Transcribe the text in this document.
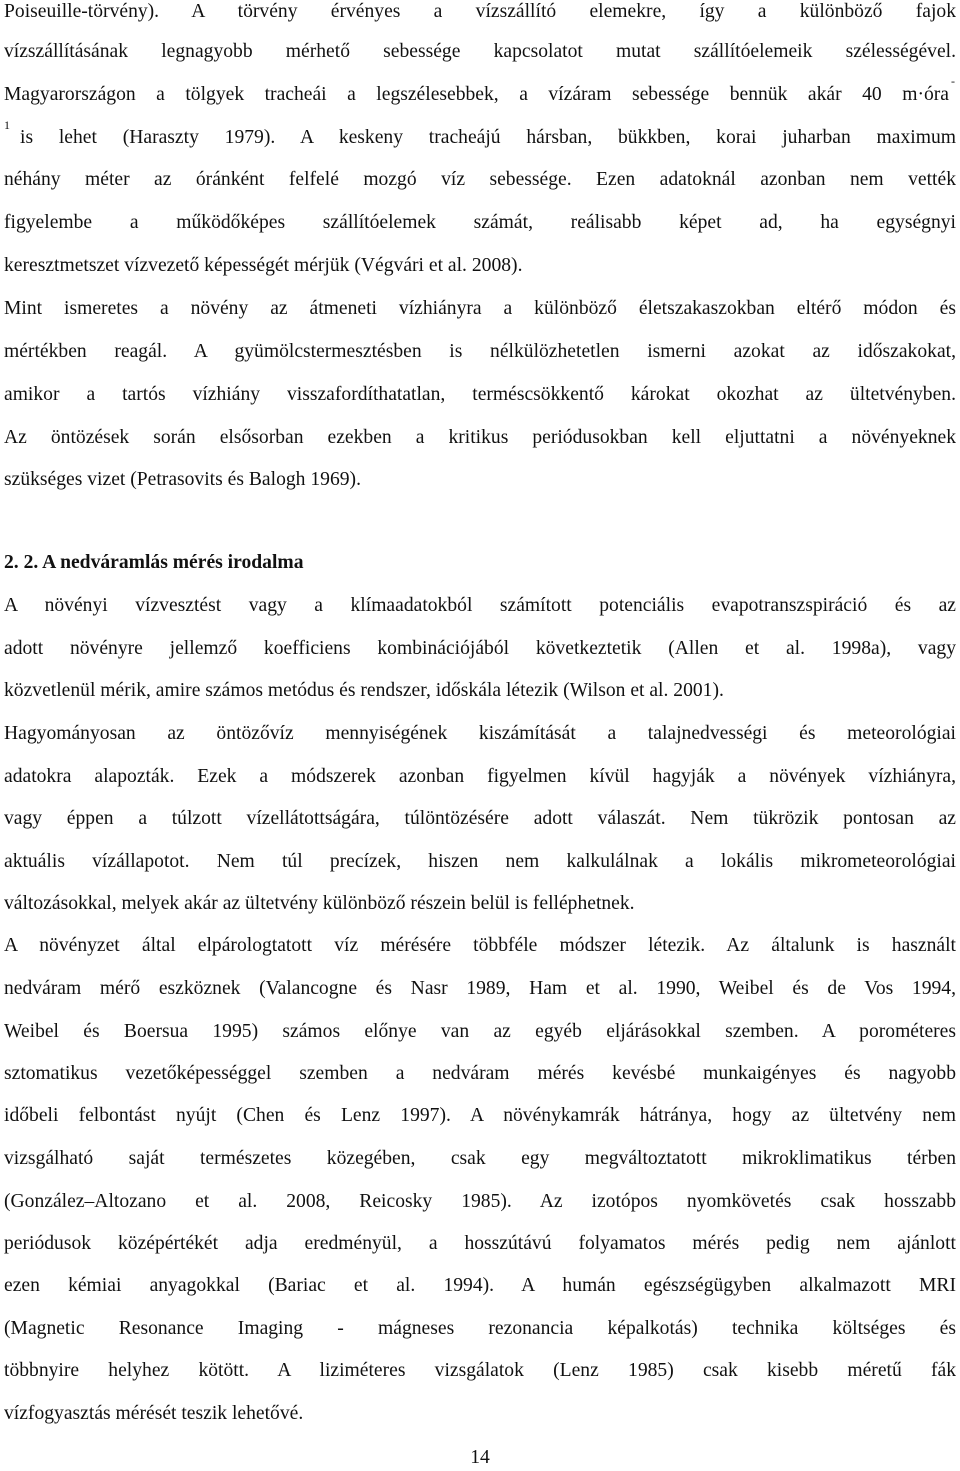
Poiseuille-törvény). A törvény érvényes a vízszállító elemekre, így a különböző fajok
vízszállításának legnagyobb mérhető sebessége kapcsolatot mutat szállítóelemeik szélességével.
Magyarországon a tölgyek tracheái a legszélesebbek, a vízáram sebessége bennük akár 40 m·óra
-
1
is lehet (Haraszty 1979). A keskeny tracheájú hársban, bükkben, korai juharban maximum
néhány méter az óránként felfelé mozgó víz sebessége. Ezen adatoknál azonban nem vették
figyelembe a működőképes szállítóelemek számát, reálisabb képet ad, ha egységnyi
keresztmetszet vízvezető képességét mérjük (Végvári et al. 2008).
Mint ismeretes a növény az átmeneti vízhiányra a különböző életszakaszokban eltérő módon és
mértékben reagál. A gyümölcstermesztésben is nélkülözhetetlen ismerni azokat az időszakokat,
amikor a tartós vízhiány visszafordíthatatlan, terméscsökkentő károkat okozhat az ültetvényben.
Az öntözések során elsősorban ezekben a kritikus periódusokban kell eljuttatni a növényeknek
szükséges vizet (Petrasovits és Balogh 1969).
2. 2. A nedváramlás mérés irodalma
A növényi vízvesztést vagy a klímaadatokból számított potenciális evapotranszspiráció és az
adott növényre jellemző koefficiens kombinációjából következtetik (Allen et al. 1998a), vagy
közvetlenül mérik, amire számos metódus és rendszer, időskála létezik (Wilson et al. 2001).
Hagyományosan az öntözővíz mennyiségének kiszámítását a talajnedvességi és meteorológiai
adatokra alapozták. Ezek a módszerek azonban figyelmen kívül hagyják a növények vízhiányra,
vagy éppen a túlzott vízellátottságára, túlöntözésére adott válaszát. Nem tükrözik pontosan az
aktuális vízállapotot. Nem túl precízek, hiszen nem kalkulálnak a lokális mikrometeorológiai
változásokkal, melyek akár az ültetvény különböző részein belül is felléphetnek.
A növényzet által elpárologtatott víz mérésére többféle módszer létezik. Az általunk is használt
nedváram mérő eszköznek (Valancogne és Nasr 1989, Ham et al. 1990, Weibel és de Vos 1994,
Weibel és Boersua 1995) számos előnye van az egyéb eljárásokkal szemben. A porométeres
sztomatikus vezetőképességgel szemben a nedváram mérés kevésbé munkaigényes és nagyobb
időbeli felbontást nyújt (Chen és Lenz 1997). A növénykamrák hátránya, hogy az ültetvény nem
vizsgálható saját természetes közegében, csak egy megváltoztatott mikroklimatikus térben
(González–Altozano et al. 2008, Reicosky 1985). Az izotópos nyomkövetés csak hosszabb
periódusok középértékét adja eredményül, a hosszútávú folyamatos mérés pedig nem ajánlott
ezen kémiai anyagokkal (Bariac et al. 1994). A humán egészségügyben alkalmazott MRI
(Magnetic Resonance Imaging - mágneses rezonancia képalkotás) technika költséges és
többnyire helyhez kötött. A liziméteres vizsgálatok (Lenz 1985) csak kisebb méretű fák
vízfogyasztás mérését teszik lehetővé.
14
